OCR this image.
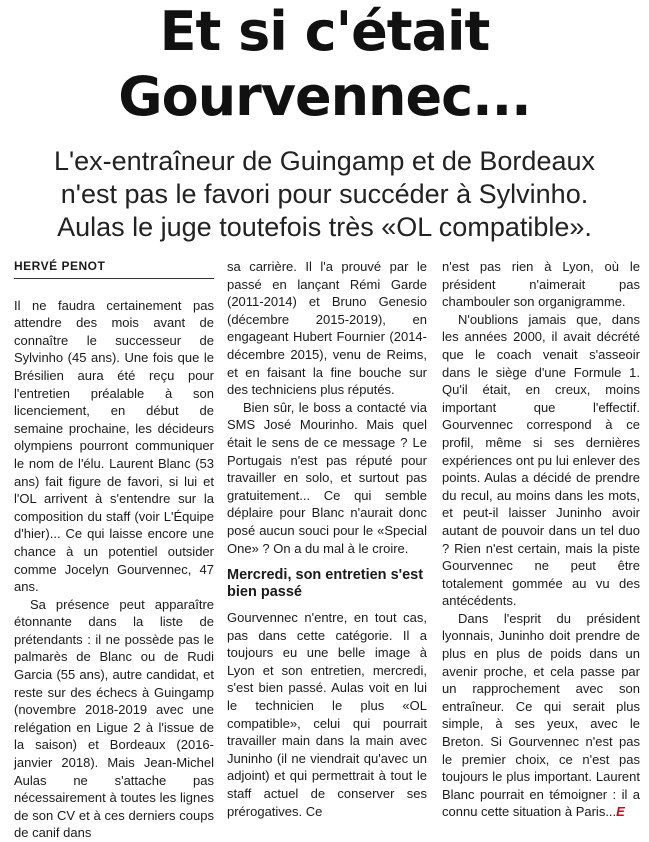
Et si c'était
Gourvennec...
L'ex-entraîneur de Guingamp et de Bordeaux
n'est pas le favori pour succéder à Sylvinho.
Aulas le juge toutefois très «OL compatible».
HERVÉ PENOT

Il ne faudra certainement pas attendre des mois avant de connaître le successeur de Sylvinho (45 ans). Une fois que le Brésilien aura été reçu pour l'entretien préalable à son licenciement, en début de semaine prochaine, les décideurs olympiens pourront communiquer le nom de l'élu. Laurent Blanc (53 ans) fait figure de favori, si lui et l'OL arrivent à s'entendre sur la composition du staff (voir L'Équipe d'hier)... Ce qui laisse encore une chance à un potentiel outsider comme Jocelyn Gourvennec, 47 ans.

Sa présence peut apparaître étonnante dans la liste de prétendants : il ne possède pas le palmarès de Blanc ou de Rudi Garcia (55 ans), autre candidat, et reste sur des échecs à Guingamp (novembre 2018-2019 avec une relégation en Ligue 2 à l'issue de la saison) et Bordeaux (2016-janvier 2018). Mais Jean-Michel Aulas ne s'attache pas nécessairement à toutes les lignes de son CV et à ces derniers coups de canif dans

sa carrière. Il l'a prouvé par le passé en lançant Rémi Garde (2011-2014) et Bruno Genesio (décembre 2015-2019), en engageant Hubert Fournier (2014-décembre 2015), venu de Reims, et en faisant la fine bouche sur des techniciens plus réputés.

Bien sûr, le boss a contacté via SMS José Mourinho. Mais quel était le sens de ce message ? Le Portugais n'est pas réputé pour travailler en solo, et surtout pas gratuitement... Ce qui semble déplaire pour Blanc n'aurait donc posé aucun souci pour le «Special One» ? On a du mal à le croire.

Mercredi, son entretien s'est bien passé

Gourvennec n'entre, en tout cas, pas dans cette catégorie. Il a toujours eu une belle image à Lyon et son entretien, mercredi, s'est bien passé. Aulas voit en lui le technicien le plus «OL compatible», celui qui pourrait travailler main dans la main avec Juninho (il ne viendrait qu'avec un adjoint) et qui permettrait à tout le staff actuel de conserver ses prérogatives. Ce

n'est pas rien à Lyon, où le président n'aimerait pas chambouler son organigramme.

N'oublions jamais que, dans les années 2000, il avait décrété que le coach venait s'asseoir dans le siège d'une Formule 1. Qu'il était, en creux, moins important que l'effectif. Gourvennec correspond à ce profil, même si ses dernières expériences ont pu lui enlever des points. Aulas a décidé de prendre du recul, au moins dans les mots, et peut-il laisser Juninho avoir autant de pouvoir dans un tel duo ? Rien n'est certain, mais la piste Gourvennec ne peut être totalement gommée au vu des antécédents.

Dans l'esprit du président lyonnais, Juninho doit prendre de plus en plus de poids dans un avenir proche, et cela passe par un rapprochement avec son entraîneur. Ce qui serait plus simple, à ses yeux, avec le Breton. Si Gourvennec n'est pas le premier choix, ce n'est pas toujours le plus important. Laurent Blanc pourrait en témoigner : il a connu cette situation à Paris...E
